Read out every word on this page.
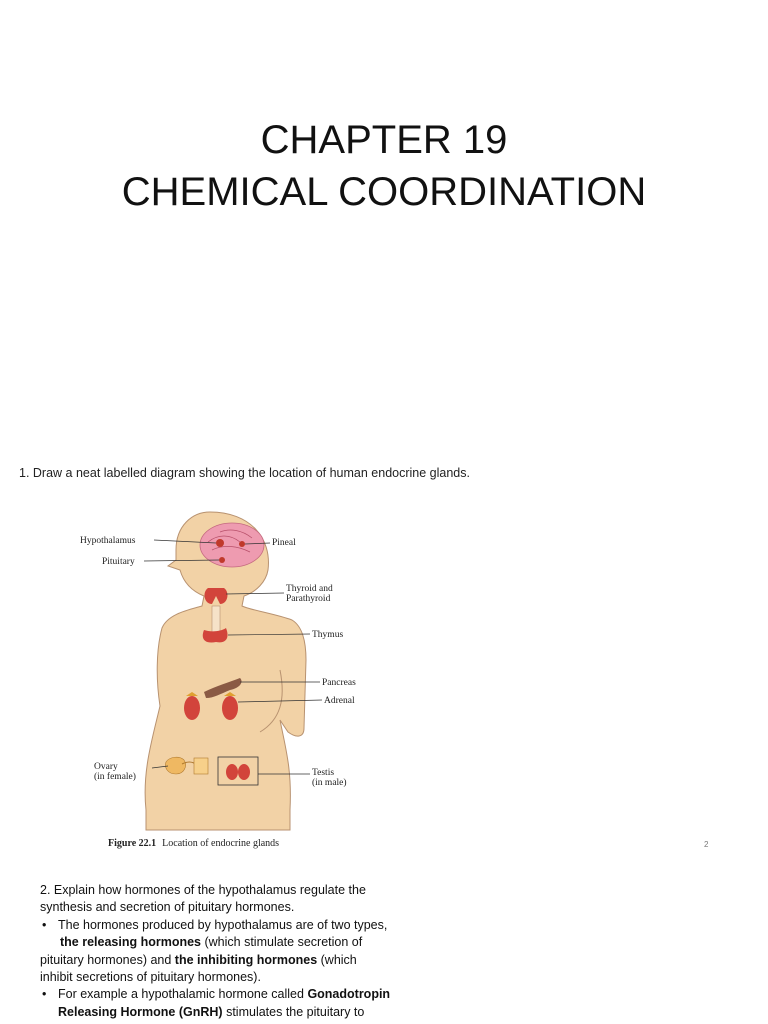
CHAPTER 19
CHEMICAL COORDINATION
1. Draw a neat labelled diagram showing the location of human endocrine glands.
Hypothalamus
Pituitary
Pineal
Thyroid and
Parathyroid
Thymus
Pancreas
Adrenal
Ovary
(in female)	Testis
(in male)
Figure 22.1 Location of endocrine glands	2

2. Explain how hormones of the hypothalamus regulate the

synthesis and secretion of pituitary hormones.

• The hormones produced by hypothalamus are of two types,
the releasing hormones (which stimulate secretion of

pituitary hormones) and the inhibiting hormones (which

inhibit secretions of pituitary hormones).

• For example a hypothalamic hormone called Gonadotropin
Releasing Hormone (GnRH) stimulates the pituitary to
